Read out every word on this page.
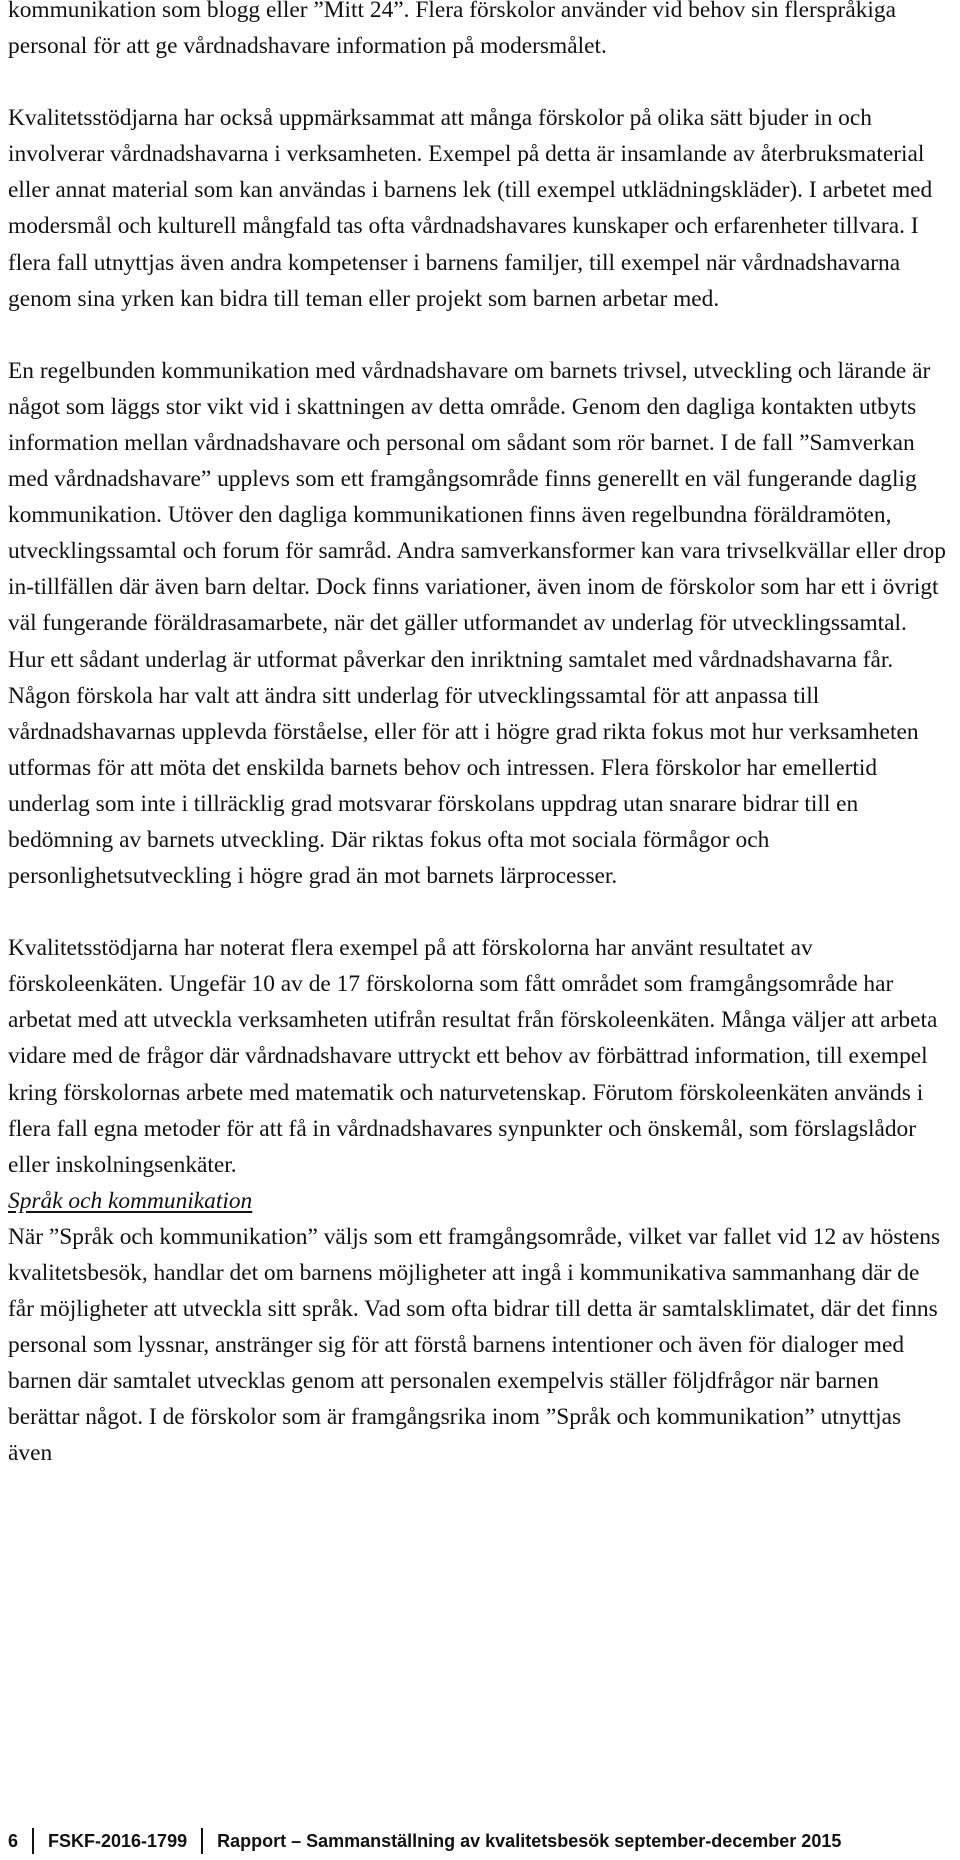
kommunikation som blogg eller ”Mitt 24”. Flera förskolor använder vid behov sin flerspråkiga personal för att ge vårdnadshavare information på modersmålet.

Kvalitetsstödjarna har också uppmärksammat att många förskolor på olika sätt bjuder in och involverar vårdnadshavarna i verksamheten. Exempel på detta är insamlande av återbruksmaterial eller annat material som kan användas i barnens lek (till exempel utklädningskläder). I arbetet med modersmål och kulturell mångfald tas ofta vårdnadshavares kunskaper och erfarenheter tillvara. I flera fall utnyttjas även andra kompetenser i barnens familjer, till exempel när vårdnadshavarna genom sina yrken kan bidra till teman eller projekt som barnen arbetar med.

En regelbunden kommunikation med vårdnadshavare om barnets trivsel, utveckling och lärande är något som läggs stor vikt vid i skattningen av detta område. Genom den dagliga kontakten utbyts information mellan vårdnadshavare och personal om sådant som rör barnet. I de fall ”Samverkan med vårdnadshavare” upplevs som ett framgångsområde finns generellt en väl fungerande daglig kommunikation. Utöver den dagliga kommunikationen finns även regelbundna föräldramöten, utvecklingssamtal och forum för samråd. Andra samverkansformer kan vara trivselkvällar eller drop in-tillfällen där även barn deltar. Dock finns variationer, även inom de förskolor som har ett i övrigt väl fungerande föräldrasamarbete, när det gäller utformandet av underlag för utvecklingssamtal. Hur ett sådant underlag är utformat påverkar den inriktning samtalet med vårdnadshavarna får. Någon förskola har valt att ändra sitt underlag för utvecklingssamtal för att anpassa till vårdnadshavarnas upplevda förståelse, eller för att i högre grad rikta fokus mot hur verksamheten utformas för att möta det enskilda barnets behov och intressen. Flera förskolor har emellertid underlag som inte i tillräcklig grad motsvarar förskolans uppdrag utan snarare bidrar till en bedömning av barnets utveckling. Där riktas fokus ofta mot sociala förmågor och personlighetsutveckling i högre grad än mot barnets lärprocesser.

Kvalitetsstödjarna har noterat flera exempel på att förskolorna har använt resultatet av förskoleenkäten. Ungefär 10 av de 17 förskolorna som fått området som framgångsområde har arbetat med att utveckla verksamheten utifrån resultat från förskoleenkäten. Många väljer att arbeta vidare med de frågor där vårdnadshavare uttryckt ett behov av förbättrad information, till exempel kring förskolornas arbete med matematik och naturvetenskap. Förutom förskoleenkäten används i flera fall egna metoder för att få in vårdnadshavares synpunkter och önskemål, som förslagslådor eller inskolningsenkäter.

Språk och kommunikation

När ”Språk och kommunikation” väljs som ett framgångsområde, vilket var fallet vid 12 av höstens kvalitetsbesök, handlar det om barnens möjligheter att ingå i kommunikativa sammanhang där de får möjligheter att utveckla sitt språk. Vad som ofta bidrar till detta är samtalsklimatet, där det finns personal som lyssnar, anstränger sig för att förstå barnens intentioner och även för dialoger med barnen där samtalet utvecklas genom att personalen exempelvis ställer följdfrågor när barnen berättar något. I de förskolor som är framgångsrika inom ”Språk och kommunikation” utnyttjas även

6 FSKF-2016-1799 Rapport – Sammanställning av kvalitetsbesök september-december 2015
